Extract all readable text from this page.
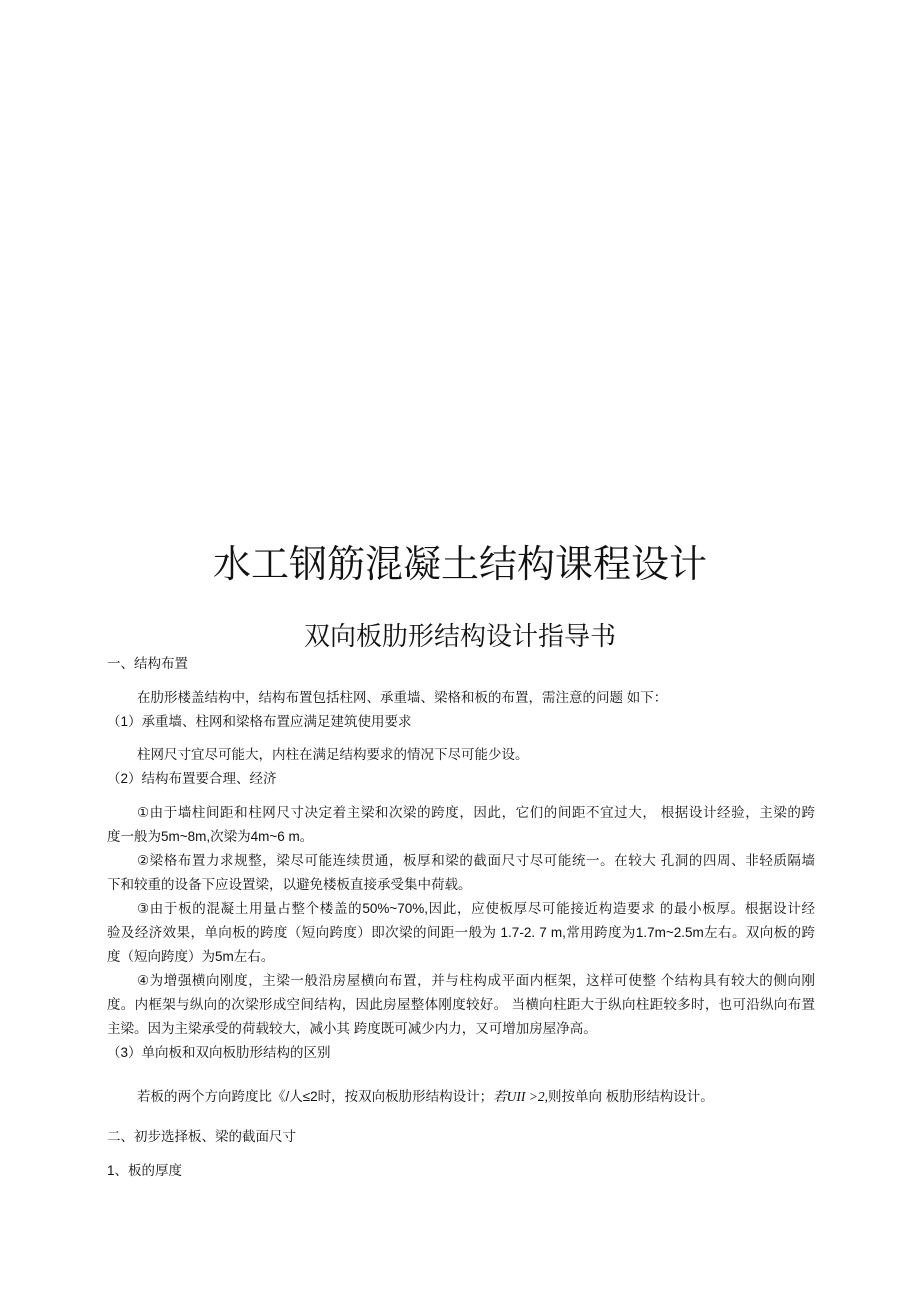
水工钢筋混凝土结构课程设计
双向板肋形结构设计指导书
一、结构布置
在肋形楼盖结构中，结构布置包括柱网、承重墙、梁格和板的布置，需注意的问题 如下：
（1）承重墙、柱网和梁格布置应满足建筑使用要求
柱网尺寸宜尽可能大，内柱在满足结构要求的情况下尽可能少设。
（2）结构布置要合理、经济
①由于墙柱间距和柱网尺寸决定着主梁和次梁的跨度，因此，它们的间距不宜过大， 根据设计经验，主梁的跨
度一般为5m~8m,次梁为4m~6 m。
②梁格布置力求规整，梁尽可能连续贯通，板厚和梁的截面尺寸尽可能统一。在较大 孔洞的四周、非轻质隔墙
下和较重的设备下应设置梁，以避免楼板直接承受集中荷载。
③由于板的混凝土用量占整个楼盖的50%~70%,因此，应使板厚尽可能接近构造要求 的最小板厚。根据设计经
验及经济效果，单向板的跨度（短向跨度）即次梁的间距一般为 1.7-2. 7 m,常用跨度为1.7m~2.5m左右。双向板的跨
度（短向跨度）为5m左右。
④为增强横向刚度，主梁一般沿房屋横向布置，并与柱构成平面内框架，这样可使整 个结构具有较大的侧向刚
度。内框架与纵向的次梁形成空间结构，因此房屋整体刚度较好。 当横向柱距大于纵向柱距较多时，也可沿纵向布置
主梁。因为主梁承受的荷载较大，减小其 跨度既可减少内力，又可增加房屋净高。
（3）单向板和双向板肋形结构的区别
若板的两个方向跨度比《/人≤2时，按双向板肋形结构设计；若UII >2,则按单向 板肋形结构设计。
二、初步选择板、梁的截面尺寸
1、板的厚度
